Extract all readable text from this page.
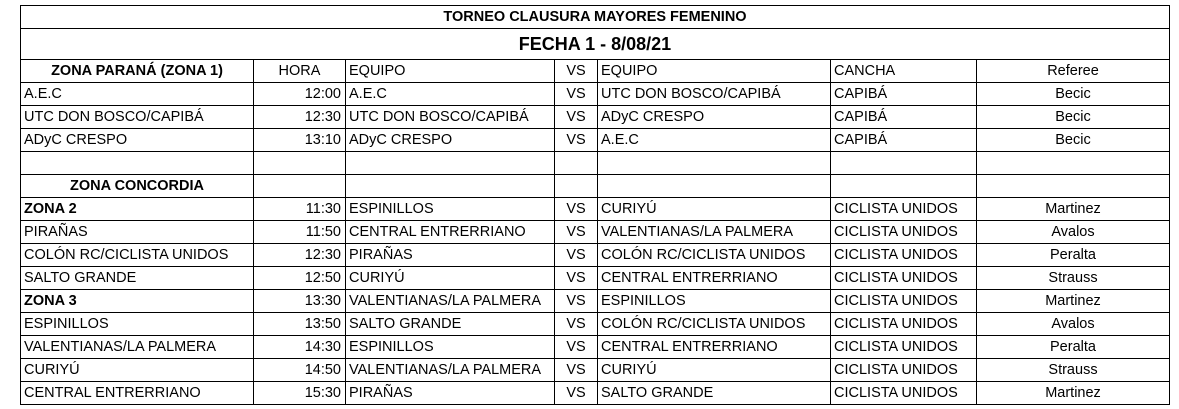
TORNEO CLAUSURA MAYORES FEMENINO						
FECHA 1 - 8/08/21						
ZONA PARANÁ (ZONA 1)	HORA	EQUIPO	VS	EQUIPO	CANCHA	Referee
A.E.C	12:00	A.E.C	VS	UTC DON BOSCO/CAPIBÁ	CAPIBÁ	Becic
UTC DON BOSCO/CAPIBÁ	12:30	UTC DON BOSCO/CAPIBÁ	VS	ADyC CRESPO	CAPIBÁ	Becic
ADyC CRESPO	13:10	ADyC CRESPO	VS	A.E.C	CAPIBÁ	Becic

ZONA CONCORDIA						
ZONA 2	11:30	ESPINILLOS	VS	CURIYÚ	CICLISTA UNIDOS	Martinez
PIRAÑAS	11:50	CENTRAL ENTRERRIANO	VS	VALENTIANAS/LA PALMERA	CICLISTA UNIDOS	Avalos
COLÓN RC/CICLISTA UNIDOS	12:30	PIRAÑAS	VS	COLÓN RC/CICLISTA UNIDOS	CICLISTA UNIDOS	Peralta
SALTO GRANDE	12:50	CURIYÚ	VS	CENTRAL ENTRERRIANO	CICLISTA UNIDOS	Strauss
ZONA 3	13:30	VALENTIANAS/LA PALMERA	VS	ESPINILLOS	CICLISTA UNIDOS	Martinez
ESPINILLOS	13:50	SALTO GRANDE	VS	COLÓN RC/CICLISTA UNIDOS	CICLISTA UNIDOS	Avalos
VALENTIANAS/LA PALMERA	14:30	ESPINILLOS	VS	CENTRAL ENTRERRIANO	CICLISTA UNIDOS	Peralta
CURIYÚ	14:50	VALENTIANAS/LA PALMERA	VS	CURIYÚ	CICLISTA UNIDOS	Strauss
CENTRAL ENTRERRIANO	15:30	PIRAÑAS	VS	SALTO GRANDE	CICLISTA UNIDOS	Martinez
